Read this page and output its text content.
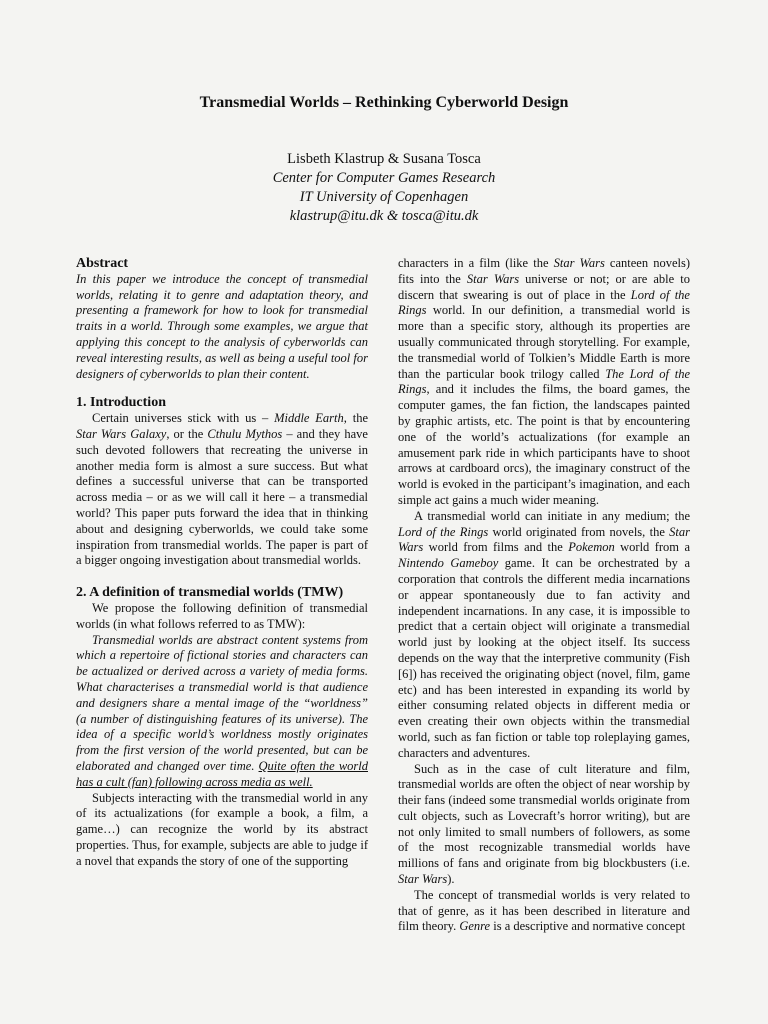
Transmedial Worlds – Rethinking Cyberworld Design
Lisbeth Klastrup & Susana Tosca
Center for Computer Games Research
IT University of Copenhagen
klastrup@itu.dk & tosca@itu.dk

Abstract

In this paper we introduce the concept of transmedial worlds, relating it to genre and adaptation theory, and presenting a framework for how to look for transmedial traits in a world. Through some examples, we argue that applying this concept to the analysis of cyberworlds can reveal interesting results, as well as being a useful tool for designers of cyberworlds to plan their content.

1. Introduction

Certain universes stick with us – Middle Earth, the Star Wars Galaxy, or the Cthulu Mythos – and they have such devoted followers that recreating the universe in another media form is almost a sure success. But what defines a successful universe that can be transported across media – or as we will call it here – a transmedial world? This paper puts forward the idea that in thinking about and designing cyberworlds, we could take some inspiration from transmedial worlds. The paper is part of a bigger ongoing investigation about transmedial worlds.

2. A definition of transmedial worlds (TMW)

We propose the following definition of transmedial worlds (in what follows referred to as TMW):

Transmedial worlds are abstract content systems from which a repertoire of fictional stories and characters can be actualized or derived across a variety of media forms. What characterises a transmedial world is that audience and designers share a mental image of the “worldness” (a number of distinguishing features of its universe). The idea of a specific world’s worldness mostly originates from the first version of the world presented, but can be elaborated and changed over time. Quite often the world has a cult (fan) following across media as well.

Subjects interacting with the transmedial world in any of its actualizations (for example a book, a film, a game…) can recognize the world by its abstract properties. Thus, for example, subjects are able to judge if a novel that expands the story of one of the supporting

characters in a film (like the Star Wars canteen novels) fits into the Star Wars universe or not; or are able to discern that swearing is out of place in the Lord of the Rings world. In our definition, a transmedial world is more than a specific story, although its properties are usually communicated through storytelling. For example, the transmedial world of Tolkien’s Middle Earth is more than the particular book trilogy called The Lord of the Rings, and it includes the films, the board games, the computer games, the fan fiction, the landscapes painted by graphic artists, etc. The point is that by encountering one of the world’s actualizations (for example an amusement park ride in which participants have to shoot arrows at cardboard orcs), the imaginary construct of the world is evoked in the participant’s imagination, and each simple act gains a much wider meaning.

A transmedial world can initiate in any medium; the Lord of the Rings world originated from novels, the Star Wars world from films and the Pokemon world from a Nintendo Gameboy game. It can be orchestrated by a corporation that controls the different media incarnations or appear spontaneously due to fan activity and independent incarnations. In any case, it is impossible to predict that a certain object will originate a transmedial world just by looking at the object itself. Its success depends on the way that the interpretive community (Fish [6]) has received the originating object (novel, film, game etc) and has been interested in expanding its world by either consuming related objects in different media or even creating their own objects within the transmedial world, such as fan fiction or table top roleplaying games, characters and adventures.

Such as in the case of cult literature and film, transmedial worlds are often the object of near worship by their fans (indeed some transmedial worlds originate from cult objects, such as Lovecraft’s horror writing), but are not only limited to small numbers of followers, as some of the most recognizable transmedial worlds have millions of fans and originate from big blockbusters (i.e. Star Wars).

The concept of transmedial worlds is very related to that of genre, as it has been described in literature and film theory. Genre is a descriptive and normative concept
